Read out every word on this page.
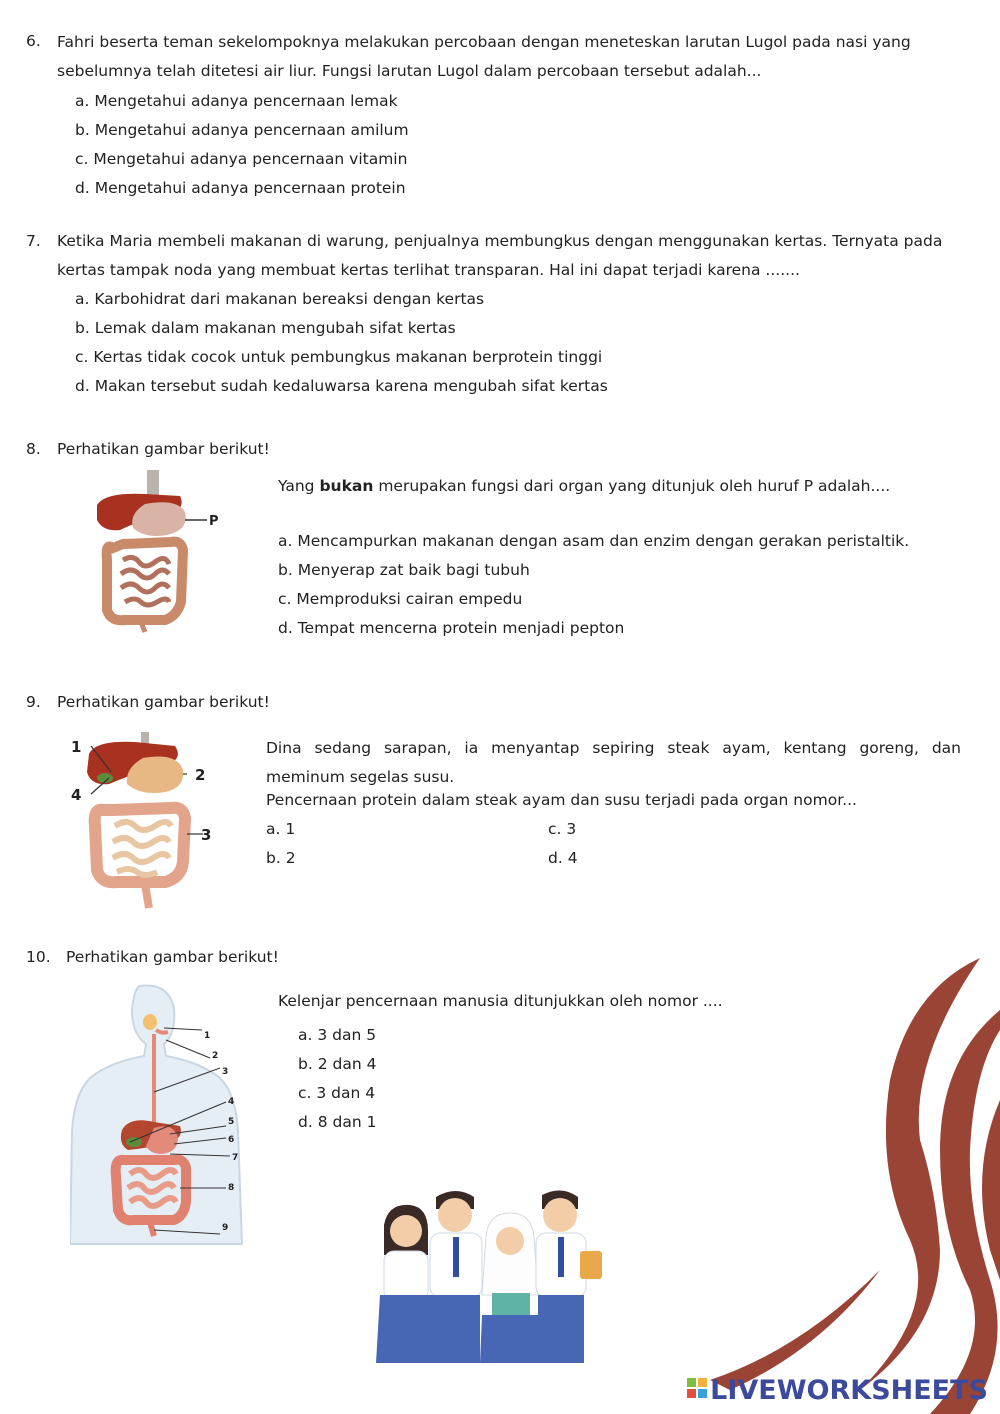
6. Fahri beserta teman sekelompoknya melakukan percobaan dengan meneteskan larutan Lugol pada nasi yang sebelumnya telah ditetesi air liur. Fungsi larutan Lugol dalam percobaan tersebut adalah...
a. Mengetahui adanya pencernaan lemak
b. Mengetahui adanya pencernaan amilum
c. Mengetahui adanya pencernaan vitamin
d. Mengetahui adanya pencernaan protein
7. Ketika Maria membeli makanan di warung, penjualnya membungkus dengan menggunakan kertas. Ternyata pada kertas tampak noda yang membuat kertas terlihat transparan. Hal ini dapat terjadi karena .......
a. Karbohidrat dari makanan bereaksi dengan kertas
b. Lemak dalam makanan mengubah sifat kertas
c. Kertas tidak cocok untuk pembungkus makanan berprotein tinggi
d. Makan tersebut sudah kedaluwarsa karena mengubah sifat kertas
8. Perhatikan gambar berikut!
P
Yang bukan merupakan fungsi dari organ yang ditunjuk oleh huruf P adalah....
a. Mencampurkan makanan dengan asam dan enzim dengan gerakan peristaltik.
b. Menyerap zat baik bagi tubuh
c. Memproduksi cairan empedu
d. Tempat mencerna protein menjadi pepton
9. Perhatikan gambar berikut!
1
2
3
4
Dina sedang sarapan, ia menyantap sepiring steak ayam, kentang goreng, dan meminum segelas susu.
Pencernaan protein dalam steak ayam dan susu terjadi pada organ nomor...
a. 1
b. 2
c. 3
d. 4
10. Perhatikan gambar berikut!
1
2
3
4
5
6
7
8
9
Kelenjar pencernaan manusia ditunjukkan oleh nomor ....
a. 3 dan 5
b. 2 dan 4
c. 3 dan 4
d. 8 dan 1
LIVEWORKSHEETS
